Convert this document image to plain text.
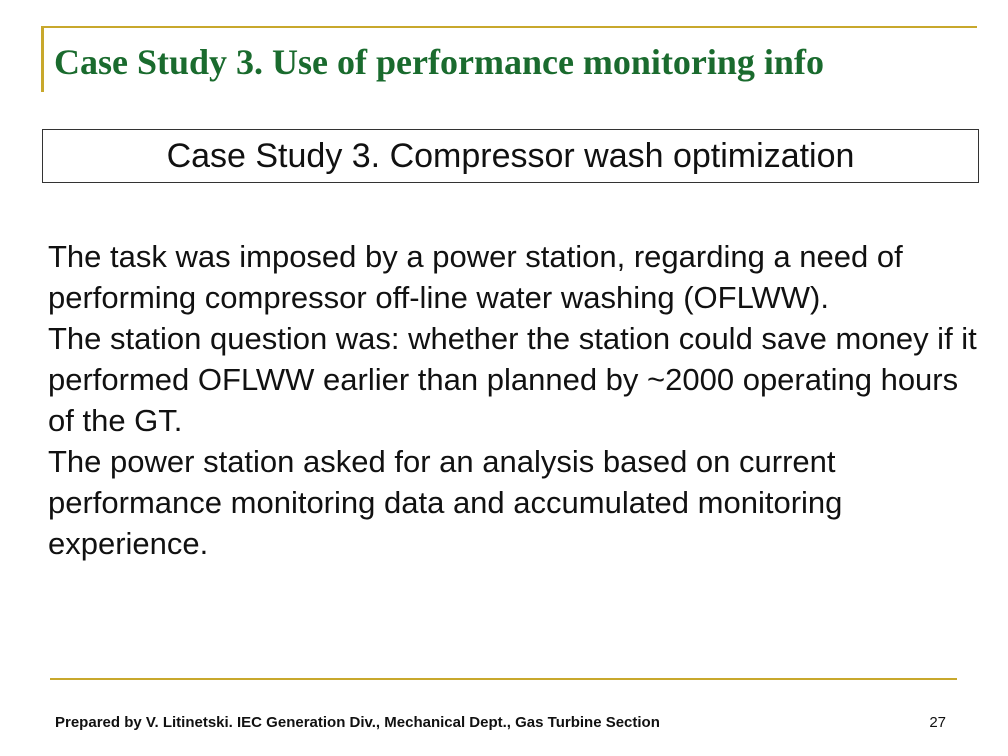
Case Study 3. Use of performance monitoring info
Case Study 3. Compressor wash optimization
The task was imposed by a power station, regarding a need of performing compressor off-line water washing (OFLWW).
The station question was: whether the station could save money if it performed OFLWW earlier than planned by ~2000 operating hours of the GT.
The power station asked for an analysis based on current performance monitoring data and accumulated monitoring experience.
Prepared by V. Litinetski. IEC Generation Div., Mechanical Dept., Gas Turbine Section	27
